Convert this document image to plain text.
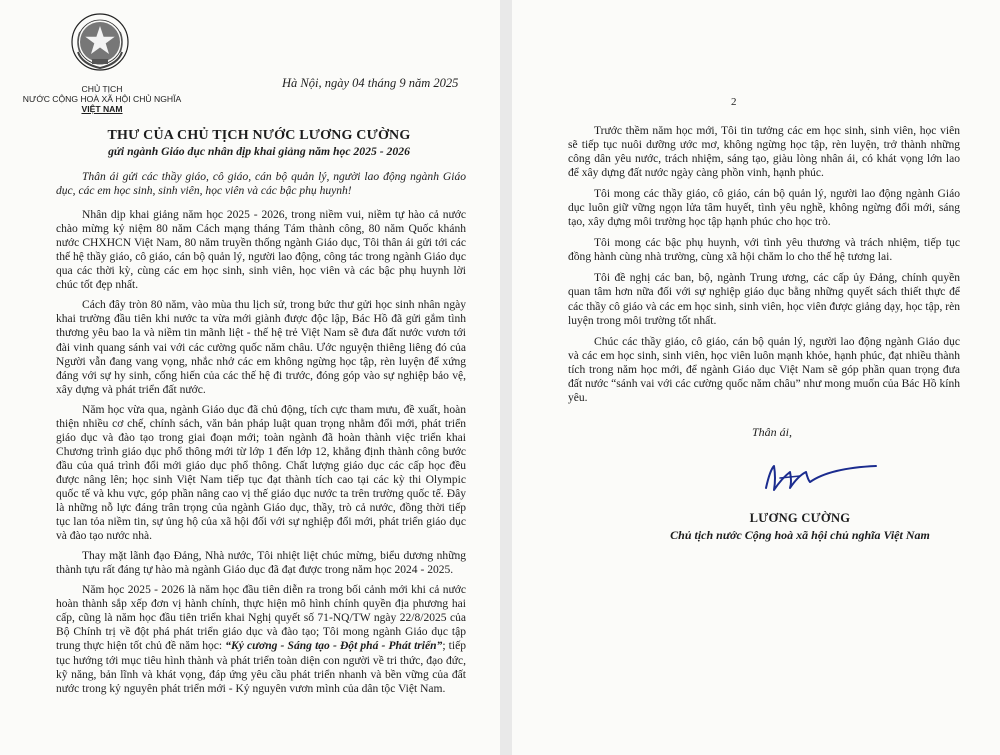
CHỦ TỊCH
NƯỚC CỘNG HOÀ XÃ HỘI CHỦ NGHĨA
VIỆT NAM
Hà Nội, ngày 04 tháng 9 năm 2025
THƯ CỦA CHỦ TỊCH NƯỚC LƯƠNG CƯỜNG
gửi ngành Giáo dục nhân dịp khai giảng năm học 2025 - 2026

Thân ái gửi các thầy giáo, cô giáo, cán bộ quản lý, người lao động ngành Giáo dục, các em học sinh, sinh viên, học viên và các bậc phụ huynh!

Nhân dịp khai giảng năm học 2025 - 2026, trong niềm vui, niềm tự hào cả nước chào mừng kỷ niệm 80 năm Cách mạng tháng Tám thành công, 80 năm Quốc khánh nước CHXHCN Việt Nam, 80 năm truyền thống ngành Giáo dục, Tôi thân ái gửi tới các thế hệ thầy giáo, cô giáo, cán bộ quản lý, người lao động, công tác trong ngành Giáo dục qua các thời kỳ, cùng các em học sinh, sinh viên, học viên và các bậc phụ huynh lời chúc tốt đẹp nhất.

Cách đây tròn 80 năm, vào mùa thu lịch sử, trong bức thư gửi học sinh nhân ngày khai trường đầu tiên khi nước ta vừa mới giành được độc lập, Bác Hồ đã gửi gắm tình thương yêu bao la và niềm tin mãnh liệt - thế hệ trẻ Việt Nam sẽ đưa đất nước vươn tới đài vinh quang sánh vai với các cường quốc năm châu. Ước nguyện thiêng liêng đó của Người vẫn đang vang vọng, nhắc nhở các em không ngừng học tập, rèn luyện để xứng đáng với sự hy sinh, cống hiến của các thế hệ đi trước, đóng góp vào sự nghiệp bảo vệ, xây dựng và phát triển đất nước.

Năm học vừa qua, ngành Giáo dục đã chủ động, tích cực tham mưu, đề xuất, hoàn thiện nhiều cơ chế, chính sách, văn bản pháp luật quan trọng nhằm đổi mới, phát triển giáo dục và đào tạo trong giai đoạn mới; toàn ngành đã hoàn thành việc triển khai Chương trình giáo dục phổ thông mới từ lớp 1 đến lớp 12, khẳng định thành công bước đầu của quá trình đổi mới giáo dục phổ thông. Chất lượng giáo dục các cấp học đều được nâng lên; học sinh Việt Nam tiếp tục đạt thành tích cao tại các kỳ thi Olympic quốc tế và khu vực, góp phần nâng cao vị thế giáo dục nước ta trên trường quốc tế. Đây là những nỗ lực đáng trân trọng của ngành Giáo dục, thầy, trò cả nước, đồng thời tiếp tục lan tỏa niềm tin, sự ủng hộ của xã hội đối với sự nghiệp đổi mới, phát triển giáo dục và đào tạo nước nhà.

Thay mặt lãnh đạo Đảng, Nhà nước, Tôi nhiệt liệt chúc mừng, biểu dương những thành tựu rất đáng tự hào mà ngành Giáo dục đã đạt được trong năm học 2024 - 2025.

Năm học 2025 - 2026 là năm học đầu tiên diễn ra trong bối cảnh mới khi cả nước hoàn thành sắp xếp đơn vị hành chính, thực hiện mô hình chính quyền địa phương hai cấp, cũng là năm học đầu tiên triển khai Nghị quyết số 71-NQ/TW ngày 22/8/2025 của Bộ Chính trị về đột phá phát triển giáo dục và đào tạo; Tôi mong ngành Giáo dục tập trung thực hiện tốt chủ đề năm học: “Kỷ cương - Sáng tạo - Đột phá - Phát triển”; tiếp tục hướng tới mục tiêu hình thành và phát triển toàn diện con người về tri thức, đạo đức, kỹ năng, bản lĩnh và khát vọng, đáp ứng yêu cầu phát triển nhanh và bền vững của đất nước trong kỷ nguyên phát triển mới - Kỷ nguyên vươn mình của dân tộc Việt Nam.

2

Trước thềm năm học mới, Tôi tin tưởng các em học sinh, sinh viên, học viên sẽ tiếp tục nuôi dưỡng ước mơ, không ngừng học tập, rèn luyện, trở thành những công dân yêu nước, trách nhiệm, sáng tạo, giàu lòng nhân ái, có khát vọng lớn lao để xây dựng đất nước ngày càng phồn vinh, hạnh phúc.

Tôi mong các thầy giáo, cô giáo, cán bộ quản lý, người lao động ngành Giáo dục luôn giữ vững ngọn lửa tâm huyết, tình yêu nghề, không ngừng đổi mới, sáng tạo, xây dựng môi trường học tập hạnh phúc cho học trò.

Tôi mong các bậc phụ huynh, với tình yêu thương và trách nhiệm, tiếp tục đồng hành cùng nhà trường, cùng xã hội chăm lo cho thế hệ tương lai.

Tôi đề nghị các ban, bộ, ngành Trung ương, các cấp ủy Đảng, chính quyền quan tâm hơn nữa đối với sự nghiệp giáo dục bằng những quyết sách thiết thực để các thầy cô giáo và các em học sinh, sinh viên, học viên được giảng dạy, học tập, rèn luyện trong môi trường tốt nhất.

Chúc các thầy giáo, cô giáo, cán bộ quản lý, người lao động ngành Giáo dục và các em học sinh, sinh viên, học viên luôn mạnh khỏe, hạnh phúc, đạt nhiều thành tích trong năm học mới, để ngành Giáo dục Việt Nam sẽ góp phần quan trọng đưa đất nước “sánh vai với các cường quốc năm châu” như mong muốn của Bác Hồ kính yêu.

Thân ái,
LƯƠNG CƯỜNG
Chủ tịch nước Cộng hoà xã hội chủ nghĩa Việt Nam
